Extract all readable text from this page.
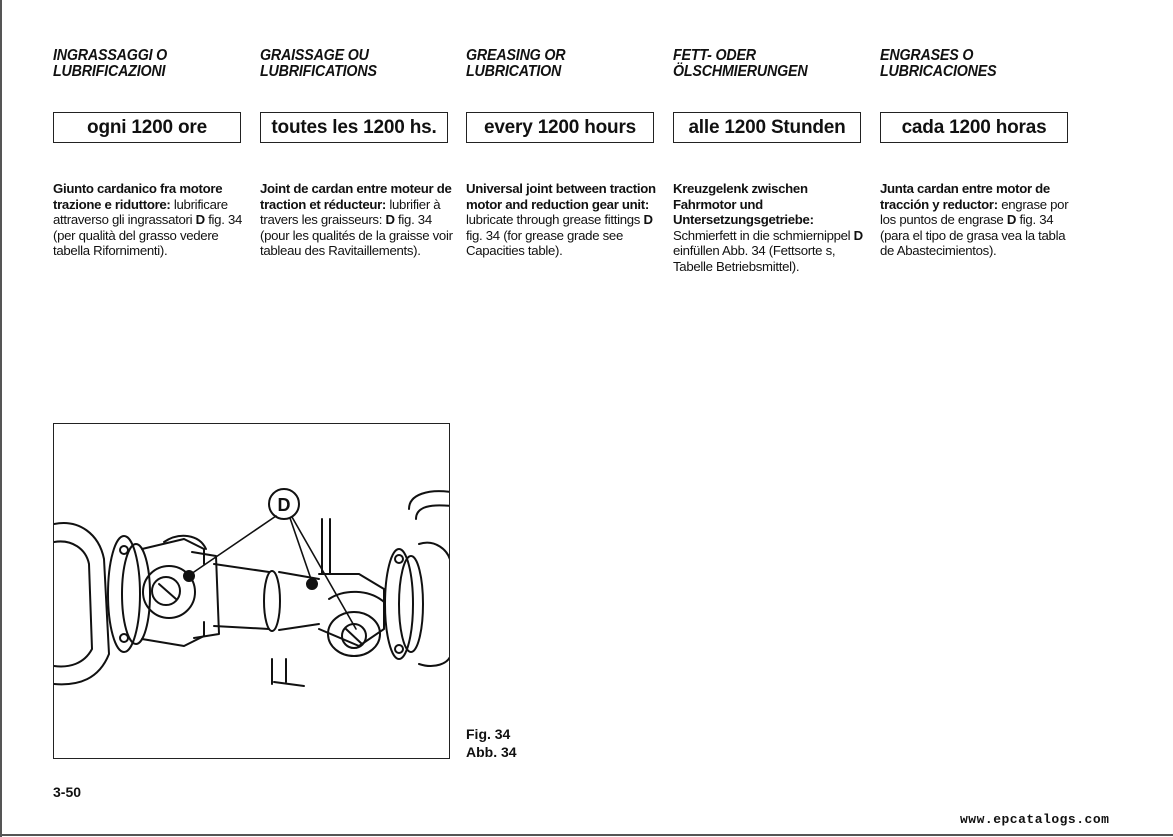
INGRASSAGGI O
LUBRIFICAZIONI
ogni 1200 ore
Giunto cardanico fra motore trazione e riduttore: lubrificare attraverso gli ingrassatori D fig. 34 (per qualità del grasso vedere tabella Rifornimenti).
GRAISSAGE OU
LUBRIFICATIONS
toutes les 1200 hs.
Joint de cardan entre moteur de traction et réducteur: lubrifier à travers les graisseurs: D fig. 34 (pour les qualités de la graisse voir tableau des Ravitaillements).
GREASING OR
LUBRICATION
every 1200 hours
Universal joint between traction motor and reduction gear unit: lubricate through grease fittings D fig. 34 (for grease grade see Capacities table).
FETT- ODER
ÖLSCHMIERUNGEN
alle 1200 Stunden
Kreuzgelenk zwischen Fahrmotor und Untersetzungsgetriebe: Schmierfett in die schmiernippel D einfüllen Abb. 34 (Fettsorte s, Tabelle Betriebsmittel).
ENGRASES O
LUBRICACIONES
cada 1200 horas
Junta cardan entre motor de tracción y reductor: engrase por los puntos de engrase D fig. 34 (para el tipo de grasa vea la tabla de Abastecimientos).
D
Fig. 34
Abb. 34
3-50
www.epcatalogs.com
